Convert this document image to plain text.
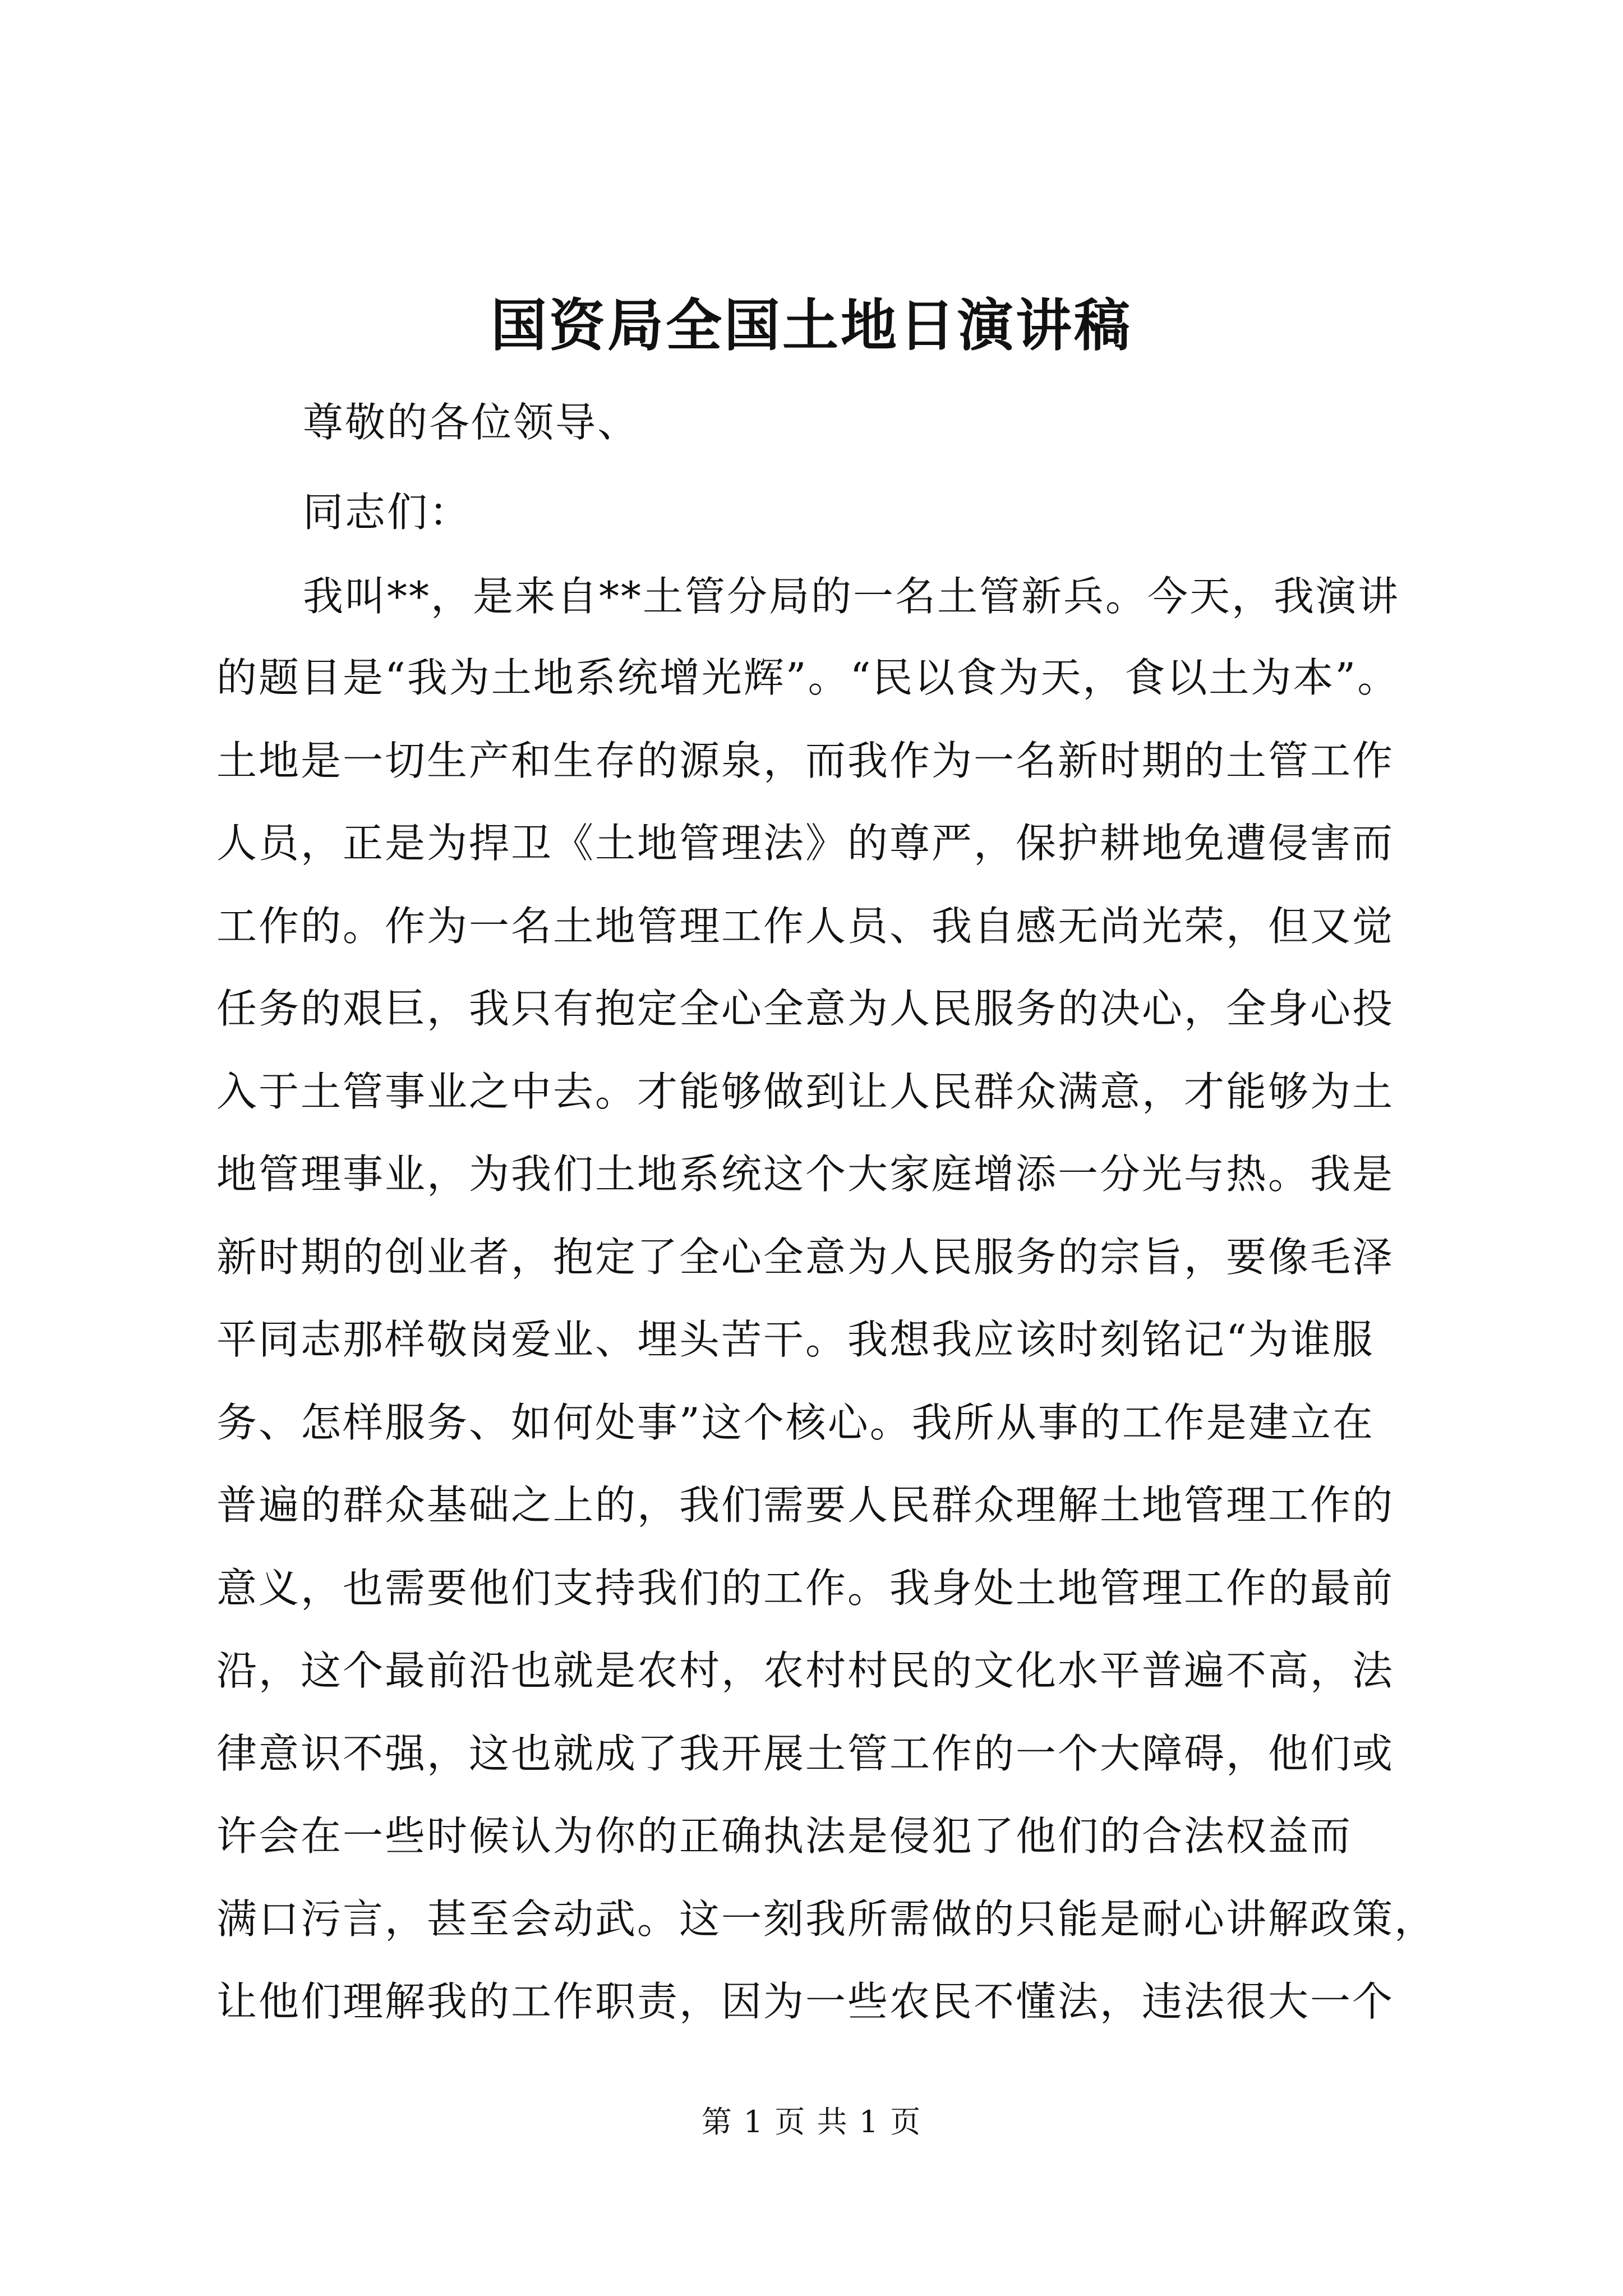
国资局全国土地日演讲稿
尊敬的各位领导、
同志们：
我叫**，是来自**土管分局的一名土管新兵。今天，我演讲
的题目是“我为土地系统增光辉”。“民以食为天，食以土为本”。
土地是一切生产和生存的源泉，而我作为一名新时期的土管工作
人员，正是为捍卫《土地管理法》的尊严，保护耕地免遭侵害而
工作的。作为一名土地管理工作人员、我自感无尚光荣，但又觉
任务的艰巨，我只有抱定全心全意为人民服务的决心，全身心投
入于土管事业之中去。才能够做到让人民群众满意，才能够为土
地管理事业，为我们土地系统这个大家庭增添一分光与热。我是
新时期的创业者，抱定了全心全意为人民服务的宗旨，要像毛泽
平同志那样敬岗爱业、埋头苦干。我想我应该时刻铭记“为谁服
务、怎样服务、如何处事”这个核心。我所从事的工作是建立在
普遍的群众基础之上的，我们需要人民群众理解土地管理工作的
意义，也需要他们支持我们的工作。我身处土地管理工作的最前
沿，这个最前沿也就是农村，农村村民的文化水平普遍不高，法
律意识不强，这也就成了我开展土管工作的一个大障碍，他们或
许会在一些时候认为你的正确执法是侵犯了他们的合法权益而
满口污言，甚至会动武。这一刻我所需做的只能是耐心讲解政策，
让他们理解我的工作职责，因为一些农民不懂法，违法很大一个
第 1 页 共 1 页
